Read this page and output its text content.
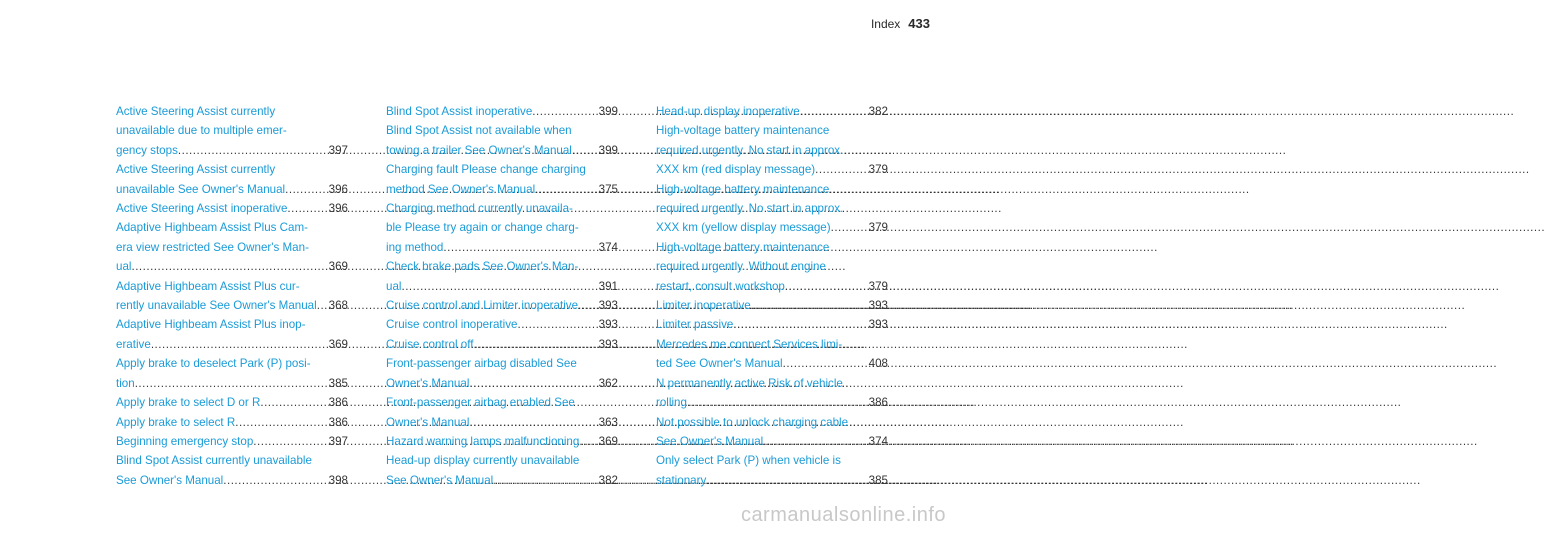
Index 433
Active Steering Assist currently
unavailable due to multiple emer-
gency stops .....	397
Active Steering Assist currently
unavailable See Owner's Manual .....	396
Active Steering Assist inoperative .....	396
Adaptive Highbeam Assist Plus Cam-
era view restricted See Owner's Man-
ual .....	369
Adaptive Highbeam Assist Plus cur-
rently unavailable See Owner's Manual .....	368
Adaptive Highbeam Assist Plus inop-
erative .....	369
Apply brake to deselect Park (P) posi-
tion .....	385
Apply brake to select D or R .....	386
Apply brake to select R .....	386
Beginning emergency stop .....	397
Blind Spot Assist currently unavailable
See Owner's Manual .....	398
Blind Spot Assist inoperative .....	399
Blind Spot Assist not available when
towing a trailer See Owner's Manual .....	399
Charging fault Please change charging
method See Owner's Manual .....	375
Charging method currently unavaila-
ble Please try again or change charg-
ing method .....	374
Check brake pads See Owner's Man-
ual .....	391
Cruise control and Limiter inoperative .....	393
Cruise control inoperative .....	393
Cruise control off .....	393
Front-passenger airbag disabled See
Owner's Manual .....	362
Front-passenger airbag enabled See
Owner's Manual .....	363
Hazard warning lamps malfunctioning .....	369
Head-up display currently unavailable
See Owner's Manual .....	382
Head-up display inoperative .....	382
High-voltage battery maintenance
required urgently. No start in approx.
XXX km (red display message) .....	379
High-voltage battery maintenance
required urgently. No start in approx.
XXX km (yellow display message) .....	379
High-voltage battery maintenance
required urgently. Without engine
restart, consult workshop .....	379
Limiter inoperative .....	393
Limiter passive .....	393
Mercedes me connect Services limi-
ted See Owner's Manual .....	408
N permanently active Risk of vehicle
rolling .....	386
Not possible to unlock charging cable
See Owner's Manual .....	374
Only select Park (P) when vehicle is
stationary .....	385
carmanualsonline.info
